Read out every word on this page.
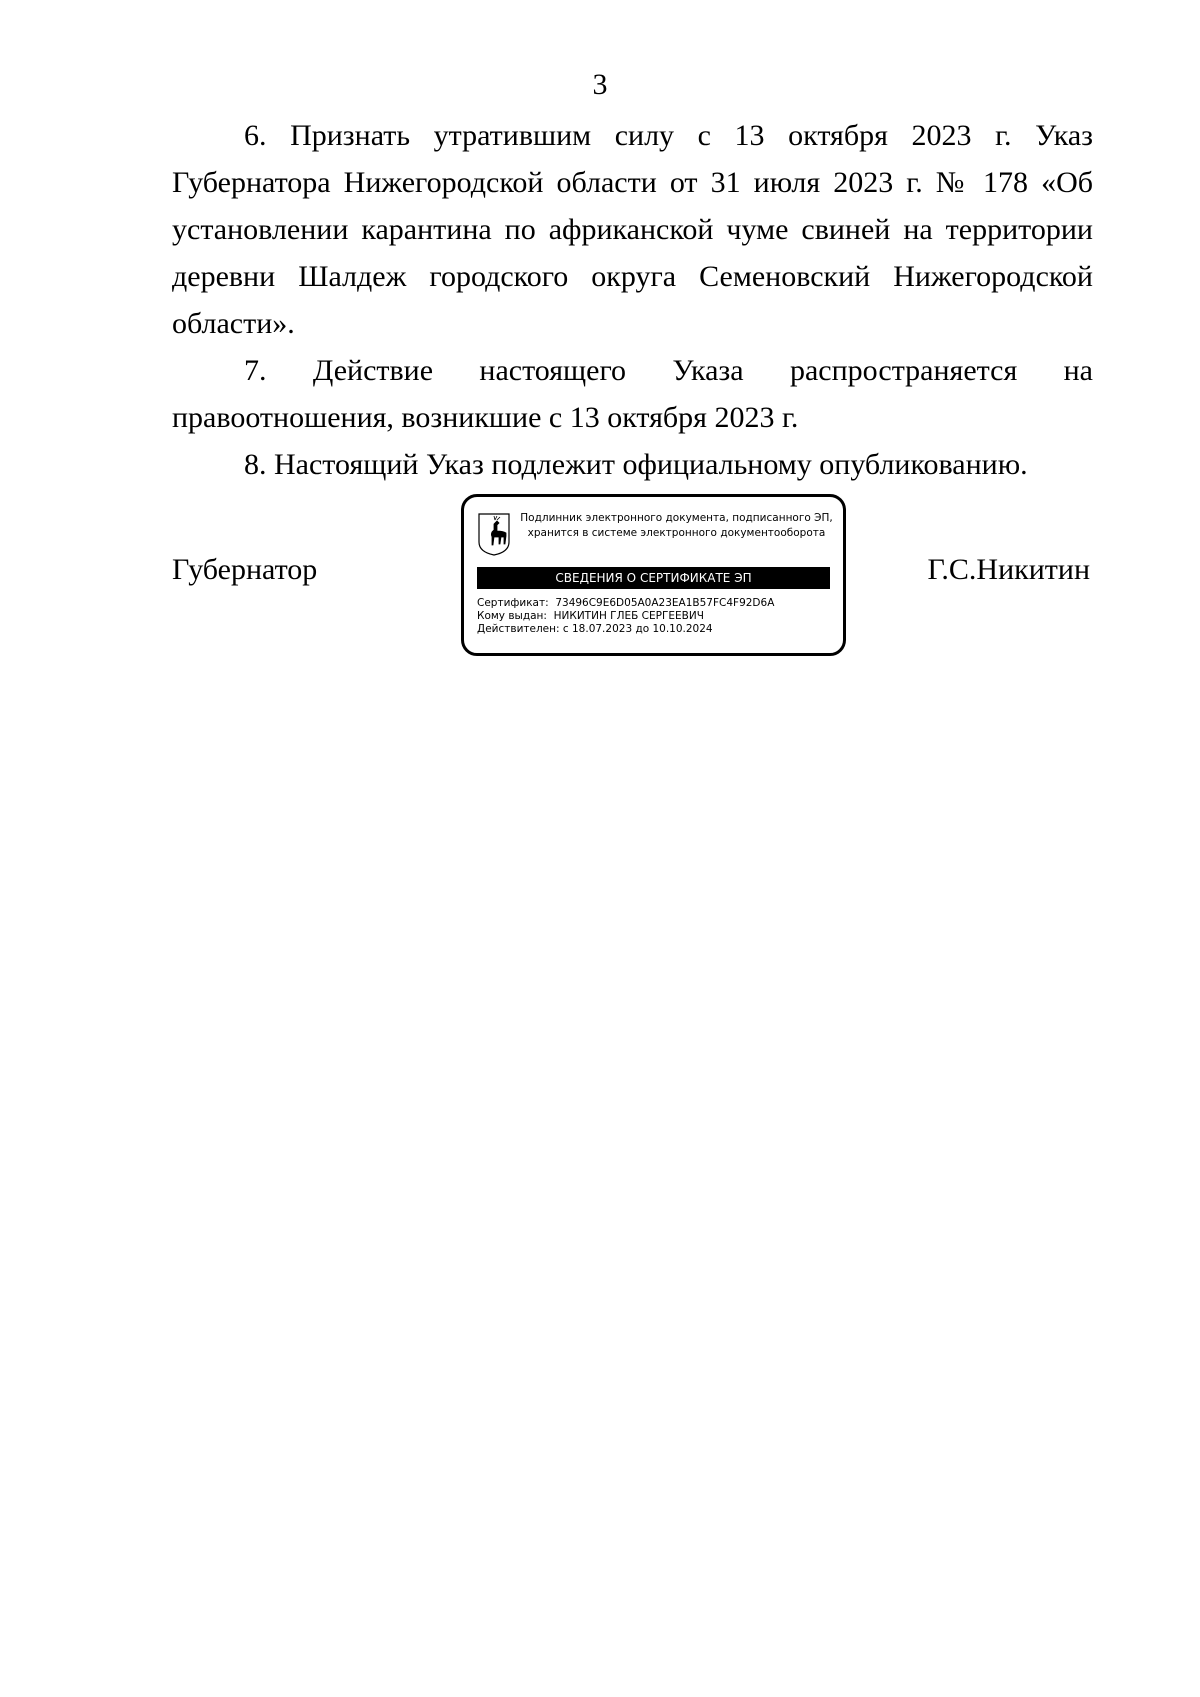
3

6. Признать утратившим силу с 13 октября 2023 г. Указ Губернатора Нижегородской области от 31 июля 2023 г. № 178 «Об установлении карантина по африканской чуме свиней на территории деревни Шалдеж городского округа Семеновский Нижегородской области».

7. Действие настоящего Указа распространяется на правоотношения, возникшие с 13 октября 2023 г.

8. Настоящий Указ подлежит официальному опубликованию.

Губернатор	Г.С.Никитин
Подлинник электронного документа, подписанного ЭП,
хранится в системе электронного документооборота
СВЕДЕНИЯ О СЕРТИФИКАТЕ ЭП
Сертификат: 73496C9E6D05A0A23EA1B57FC4F92D6A
Кому выдан: НИКИТИН ГЛЕБ СЕРГЕЕВИЧ
Действителен: с 18.07.2023 до 10.10.2024
